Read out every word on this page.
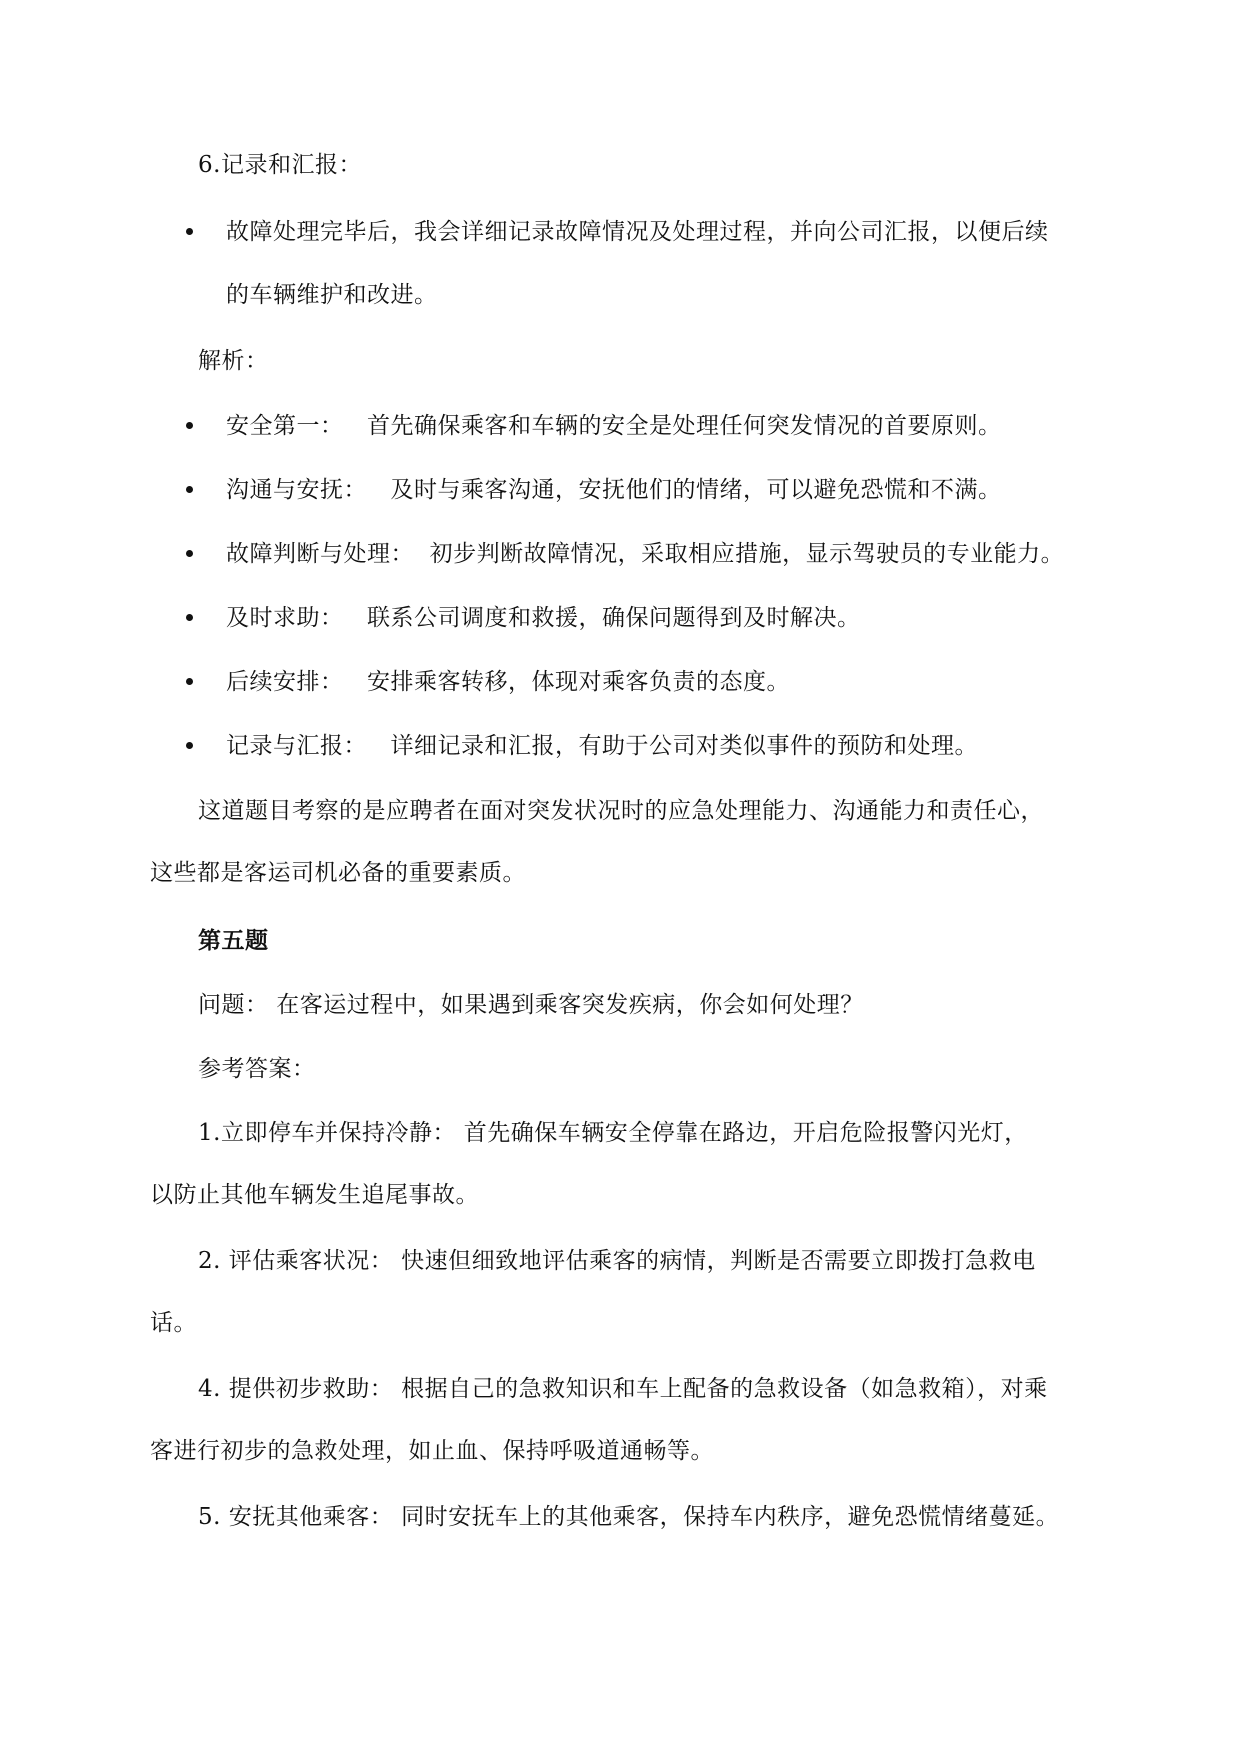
6.记录和汇报：

故障处理完毕后，我会详细记录故障情况及处理过程，并向公司汇报，以便后续

的车辆维护和改进。

解析：

安全第一： 首先确保乘客和车辆的安全是处理任何突发情况的首要原则。

沟通与安抚： 及时与乘客沟通，安抚他们的情绪，可以避免恐慌和不满。

故障判断与处理： 初步判断故障情况，采取相应措施，显示驾驶员的专业能力。

及时求助： 联系公司调度和救援，确保问题得到及时解决。

后续安排： 安排乘客转移，体现对乘客负责的态度。

记录与汇报： 详细记录和汇报，有助于公司对类似事件的预防和处理。

这道题目考察的是应聘者在面对突发状况时的应急处理能力、沟通能力和责任心，

这些都是客运司机必备的重要素质。

第五题

问题： 在客运过程中，如果遇到乘客突发疾病，你会如何处理？

参考答案：

1.立即停车并保持冷静： 首先确保车辆安全停靠在路边，开启危险报警闪光灯，

以防止其他车辆发生追尾事故。

2. 评估乘客状况： 快速但细致地评估乘客的病情，判断是否需要立即拨打急救电

话。

4. 提供初步救助： 根据自己的急救知识和车上配备的急救设备（如急救箱），对乘

客进行初步的急救处理，如止血、保持呼吸道通畅等。

5. 安抚其他乘客： 同时安抚车上的其他乘客，保持车内秩序，避免恐慌情绪蔓延。
